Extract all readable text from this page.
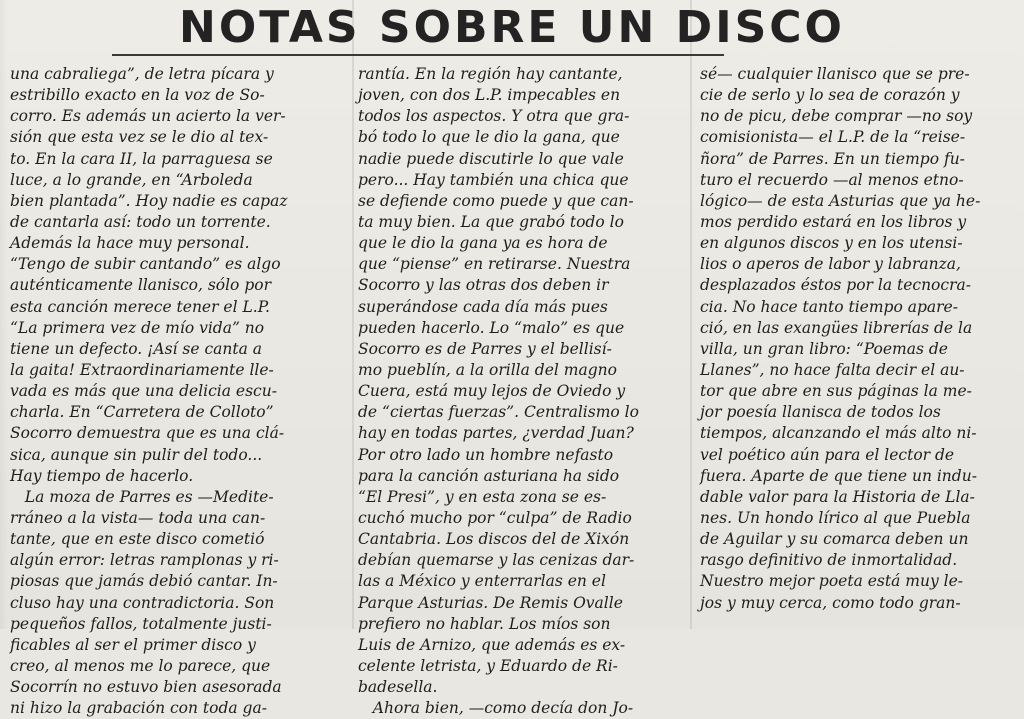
NOTAS SOBRE UN DISCO
una cabraliega”, de letra pícara y
estribillo exacto en la voz de So-
corro. Es además un acierto la ver-
sión que esta vez se le dio al tex-
to. En la cara II, la parraguesa se
luce, a lo grande, en “Arboleda
bien plantada”. Hoy nadie es capaz
de cantarla así: todo un torrente.
Además la hace muy personal.
“Tengo de subir cantando” es algo
auténticamente llanisco, sólo por
esta canción merece tener el L.P.
“La primera vez de mío vida” no
tiene un defecto. ¡Así se canta a
la gaita! Extraordinariamente lle-
vada es más que una delicia escu-
charla. En “Carretera de Colloto”
Socorro demuestra que es una clá-
sica, aunque sin pulir del todo...
Hay tiempo de hacerlo.
La moza de Parres es —Medite-
rráneo a la vista— toda una can-
tante, que en este disco cometió
algún error: letras ramplonas y ri-
piosas que jamás debió cantar. In-
cluso hay una contradictoria. Son
pequeños fallos, totalmente justi-
ficables al ser el primer disco y
creo, al menos me lo parece, que
Socorrín no estuvo bien asesorada
ni hizo la grabación con toda ga-
rantía. En la región hay cantante,
joven, con dos L.P. impecables en
todos los aspectos. Y otra que gra-
bó todo lo que le dio la gana, que
nadie puede discutirle lo que vale
pero... Hay también una chica que
se defiende como puede y que can-
ta muy bien. La que grabó todo lo
que le dio la gana ya es hora de
que “piense” en retirarse. Nuestra
Socorro y las otras dos deben ir
superándose cada día más pues
pueden hacerlo. Lo “malo” es que
Socorro es de Parres y el bellisí-
mo pueblín, a la orilla del magno
Cuera, está muy lejos de Oviedo y
de “ciertas fuerzas”. Centralismo lo
hay en todas partes, ¿verdad Juan?
Por otro lado un hombre nefasto
para la canción asturiana ha sido
“El Presi”, y en esta zona se es-
cuchó mucho por “culpa” de Radio
Cantabria. Los discos del de Xixón
debían quemarse y las cenizas dar-
las a México y enterrarlas en el
Parque Asturias. De Remis Ovalle
prefiero no hablar. Los míos son
Luis de Arnizo, que además es ex-
celente letrista, y Eduardo de Ri-
badesella.
Ahora bien, —como decía don Jo-
sé— cualquier llanisco que se pre-
cie de serlo y lo sea de corazón y
no de picu, debe comprar —no soy
comisionista— el L.P. de la “reise-
ñora” de Parres. En un tiempo fu-
turo el recuerdo —al menos etno-
lógico— de esta Asturias que ya he-
mos perdido estará en los libros y
en algunos discos y en los utensi-
lios o aperos de labor y labranza,
desplazados éstos por la tecnocra-
cia. No hace tanto tiempo apare-
ció, en las exangües librerías de la
villa, un gran libro: “Poemas de
Llanes”, no hace falta decir el au-
tor que abre en sus páginas la me-
jor poesía llanisca de todos los
tiempos, alcanzando el más alto ni-
vel poético aún para el lector de
fuera. Aparte de que tiene un indu-
dable valor para la Historia de Lla-
nes. Un hondo lírico al que Puebla
de Aguilar y su comarca deben un
rasgo definitivo de inmortalidad.
Nuestro mejor poeta está muy le-
jos y muy cerca, como todo gran-
